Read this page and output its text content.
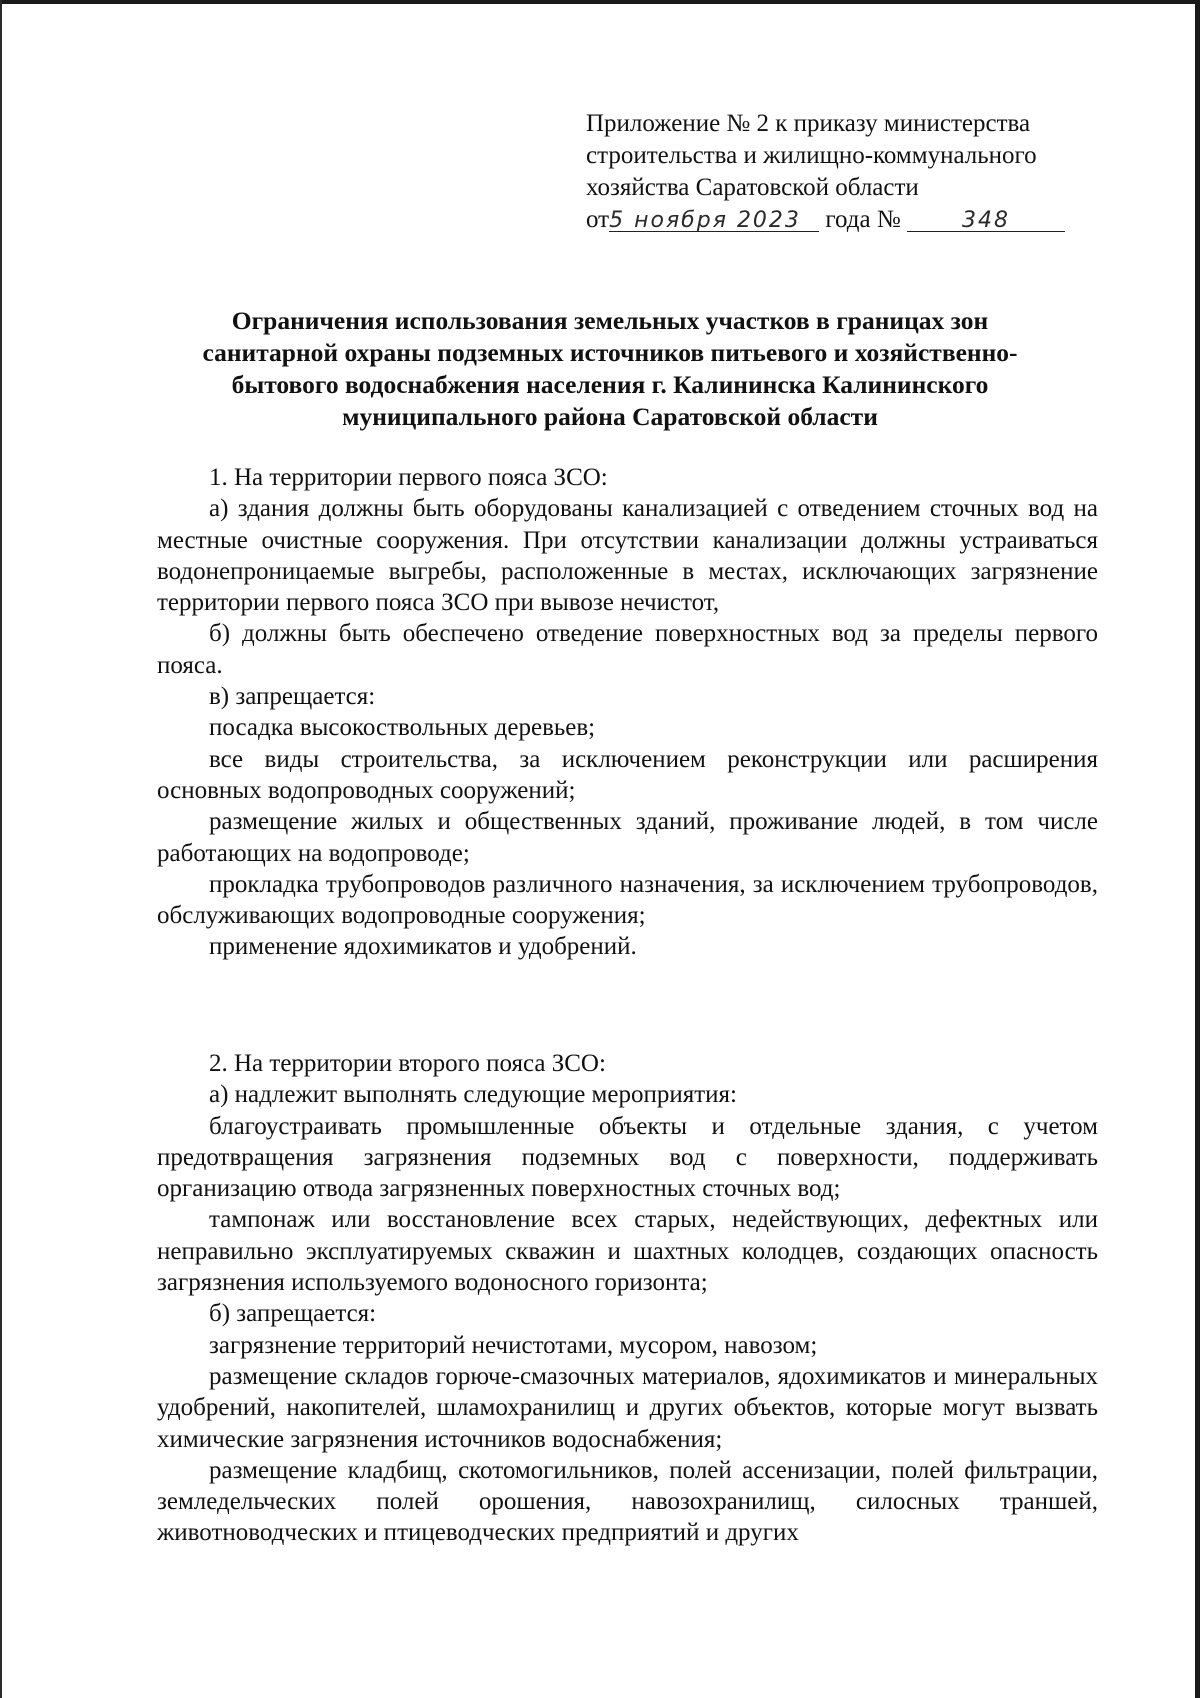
Приложение № 2 к приказу министерства
строительства и жилищно-коммунального
хозяйства Саратовской области
от5 ноября 2023 года №	348
Ограничения использования земельных участков в границах зон
санитарной охраны подземных источников питьевого и хозяйственно-
бытового водоснабжения населения г. Калининска Калининского
муниципального района Саратовской области

1. На территории первого пояса ЗСО:

а) здания должны быть оборудованы канализацией с отведением сточных вод на местные очистные сооружения. При отсутствии канализации должны устраиваться водонепроницаемые выгребы, расположенные в местах, исключающих загрязнение территории первого пояса ЗСО при вывозе нечистот,

б) должны быть обеспечено отведение поверхностных вод за пределы первого пояса.

в) запрещается:

посадка высокоствольных деревьев;

все виды строительства, за исключением реконструкции или расширения основных водопроводных сооружений;

размещение жилых и общественных зданий, проживание людей, в том числе работающих на водопроводе;

прокладка трубопроводов различного назначения, за исключением трубопроводов, обслуживающих водопроводные сооружения;

применение ядохимикатов и удобрений.

2. На территории второго пояса ЗСО:

а) надлежит выполнять следующие мероприятия:

благоустраивать промышленные объекты и отдельные здания, с учетом предотвращения загрязнения подземных вод с поверхности, поддерживать организацию отвода загрязненных поверхностных сточных вод;

тампонаж или восстановление всех старых, недействующих, дефектных или неправильно эксплуатируемых скважин и шахтных колодцев, создающих опасность загрязнения используемого водоносного горизонта;

б) запрещается:

загрязнение территорий нечистотами, мусором, навозом;

размещение складов горюче-смазочных материалов, ядохимикатов и минеральных удобрений, накопителей, шламохранилищ и других объектов, которые могут вызвать химические загрязнения источников водоснабжения;

размещение кладбищ, скотомогильников, полей ассенизации, полей фильтрации, земледельческих полей орошения, навозохранилищ, силосных траншей, животноводческих и птицеводческих предприятий и других
